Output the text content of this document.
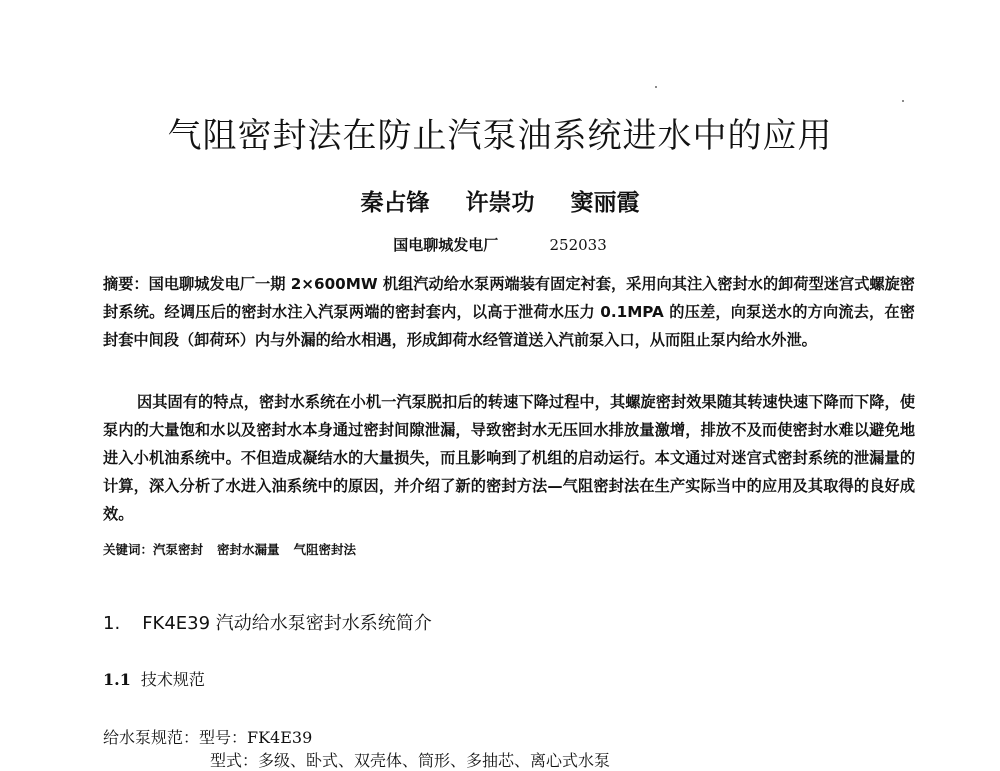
气阻密封法在防止汽泵油系统进水中的应用
秦占锋 许崇功 窦丽霞
国电聊城发电厂	252033
摘要：国电聊城发电厂一期 2×600MW 机组汽动给水泵两端装有固定衬套，采用向其注入密封水的卸荷型迷宫式螺旋密封系统。经调压后的密封水注入汽泵两端的密封套内，以高于泄荷水压力 0.1MPA 的压差，向泵送水的方向流去，在密封套中间段（卸荷环）内与外漏的给水相遇，形成卸荷水经管道送入汽前泵入口，从而阻止泵内给水外泄。
因其固有的特点，密封水系统在小机一汽泵脱扣后的转速下降过程中，其螺旋密封效果随其转速快速下降而下降，使泵内的大量饱和水以及密封水本身通过密封间隙泄漏，导致密封水无压回水排放量激增，排放不及而使密封水难以避免地进入小机油系统中。不但造成凝结水的大量损失，而且影响到了机组的启动运行。本文通过对迷宫式密封系统的泄漏量的计算，深入分析了水进入油系统中的原因，并介绍了新的密封方法—气阻密封法在生产实际当中的应用及其取得的良好成效。
关键词：汽泵密封 密封水漏量 气阻密封法
1. FK4E39 汽动给水泵密封水系统简介
1.1 技术规范
给水泵规范：型号：FK4E39
型式：多级、卧式、双壳体、筒形、多抽芯、离心式水泵
